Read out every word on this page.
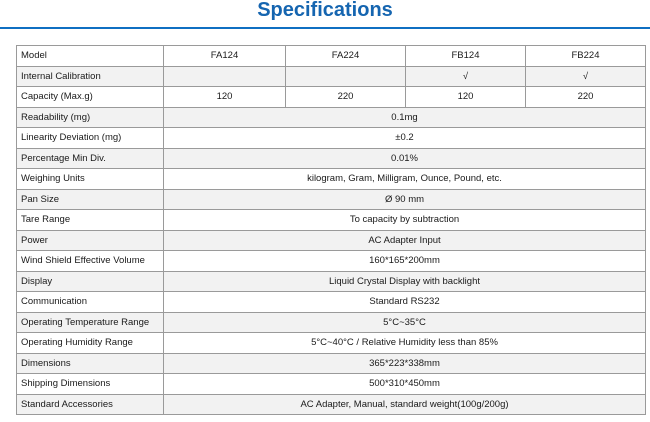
Specifications
Model	FA124	FA224	FB124	FB224
Internal Calibration			√	√
Capacity (Max.g)	120	220	120	220
Readability (mg)	0.1mg			
Linearity Deviation (mg)	±0.2			
Percentage Min Div.	0.01%			
Weighing Units	kilogram, Gram, Milligram, Ounce, Pound, etc.			
Pan Size	Ø 90 mm			
Tare Range	To capacity by subtraction			
Power	AC Adapter Input			
Wind Shield Effective Volume	160*165*200mm			
Display	Liquid Crystal Display with backlight			
Communication	Standard RS232			
Operating Temperature Range	5°C~35°C			
Operating Humidity Range	5°C~40°C / Relative Humidity less than 85%			
Dimensions	365*223*338mm			
Shipping Dimensions	500*310*450mm			
Standard Accessories	AC Adapter, Manual, standard weight(100g/200g)			
